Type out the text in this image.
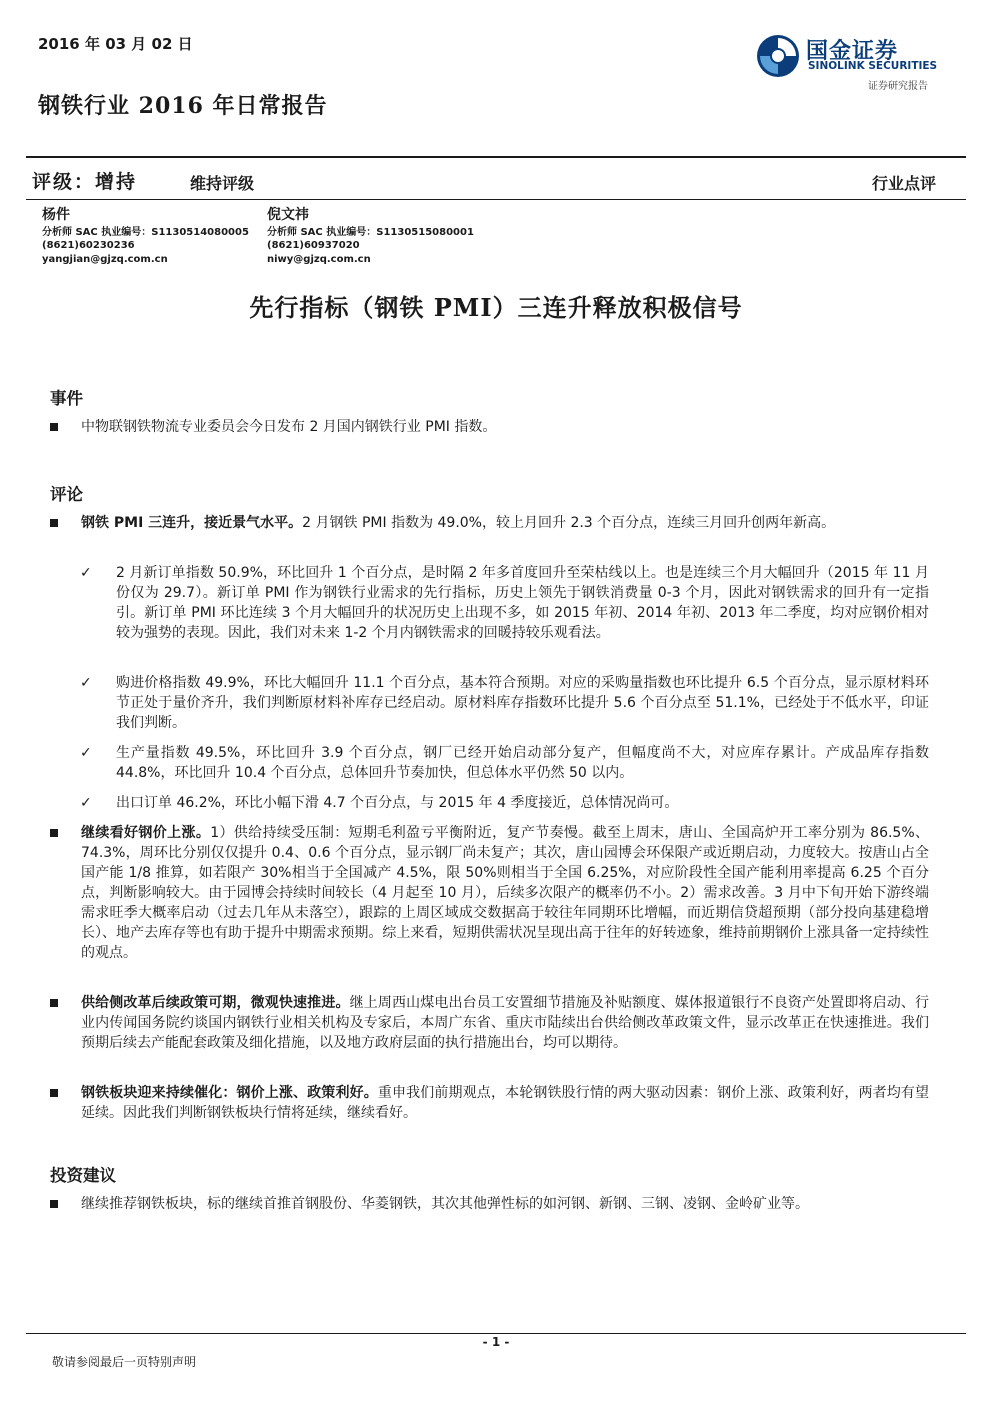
2016 年 03 月 02 日	国金证券
SINOLINK SECURITIES
证券研究报告
钢铁行业 2016 年日常报告
评级：增持	维持评级	行业点评
杨件
分析师 SAC 执业编号：S1130514080005
(8621)60230236
yangjian@gjzq.com.cn
倪文祎
分析师 SAC 执业编号：S1130515080001
(8621)60937020
niwy@gjzq.com.cn
先行指标（钢铁 PMI）三连升释放积极信号
事件
中物联钢铁物流专业委员会今日发布 2 月国内钢铁行业 PMI 指数。
评论
钢铁 PMI 三连升，接近景气水平。2 月钢铁 PMI 指数为 49.0%，较上月回升 2.3 个百分点，连续三月回升创两年新高。
✓ 2 月新订单指数 50.9%，环比回升 1 个百分点，是时隔 2 年多首度回升至荣枯线以上。也是连续三个月大幅回升（2015 年 11 月份仅为 29.7）。新订单 PMI 作为钢铁行业需求的先行指标，历史上领先于钢铁消费量 0-3 个月，因此对钢铁需求的回升有一定指引。新订单 PMI 环比连续 3 个月大幅回升的状况历史上出现不多，如 2015 年初、2014 年初、2013 年二季度，均对应钢价相对较为强势的表现。因此，我们对未来 1-2 个月内钢铁需求的回暖持较乐观看法。
✓ 购进价格指数 49.9%，环比大幅回升 11.1 个百分点，基本符合预期。对应的采购量指数也环比提升 6.5 个百分点，显示原材料环节正处于量价齐升，我们判断原材料补库存已经启动。原材料库存指数环比提升 5.6 个百分点至 51.1%，已经处于不低水平，印证我们判断。
✓ 生产量指数 49.5%，环比回升 3.9 个百分点，钢厂已经开始启动部分复产，但幅度尚不大，对应库存累计。产成品库存指数 44.8%，环比回升 10.4 个百分点，总体回升节奏加快，但总体水平仍然 50 以内。
✓ 出口订单 46.2%，环比小幅下滑 4.7 个百分点，与 2015 年 4 季度接近，总体情况尚可。
继续看好钢价上涨。1）供给持续受压制：短期毛利盈亏平衡附近，复产节奏慢。截至上周末，唐山、全国高炉开工率分别为 86.5%、74.3%，周环比分别仅仅提升 0.4、0.6 个百分点，显示钢厂尚未复产；其次，唐山园博会环保限产或近期启动，力度较大。按唐山占全国产能 1/8 推算，如若限产 30%相当于全国减产 4.5%，限 50%则相当于全国 6.25%，对应阶段性全国产能利用率提高 6.25 个百分点，判断影响较大。由于园博会持续时间较长（4 月起至 10 月），后续多次限产的概率仍不小。2）需求改善。3 月中下旬开始下游终端需求旺季大概率启动（过去几年从未落空），跟踪的上周区域成交数据高于较往年同期环比增幅，而近期信贷超预期（部分投向基建稳增长）、地产去库存等也有助于提升中期需求预期。综上来看，短期供需状况呈现出高于往年的好转迹象，维持前期钢价上涨具备一定持续性的观点。
供给侧改革后续政策可期，微观快速推进。继上周西山煤电出台员工安置细节措施及补贴额度、媒体报道银行不良资产处置即将启动、行业内传闻国务院约谈国内钢铁行业相关机构及专家后，本周广东省、重庆市陆续出台供给侧改革政策文件，显示改革正在快速推进。我们预期后续去产能配套政策及细化措施，以及地方政府层面的执行措施出台，均可以期待。
钢铁板块迎来持续催化：钢价上涨、政策利好。重申我们前期观点，本轮钢铁股行情的两大驱动因素：钢价上涨、政策利好，两者均有望延续。因此我们判断钢铁板块行情将延续，继续看好。
投资建议
继续推荐钢铁板块，标的继续首推首钢股份、华菱钢铁，其次其他弹性标的如河钢、新钢、三钢、凌钢、金岭矿业等。
- 1 -
敬请参阅最后一页特别声明
